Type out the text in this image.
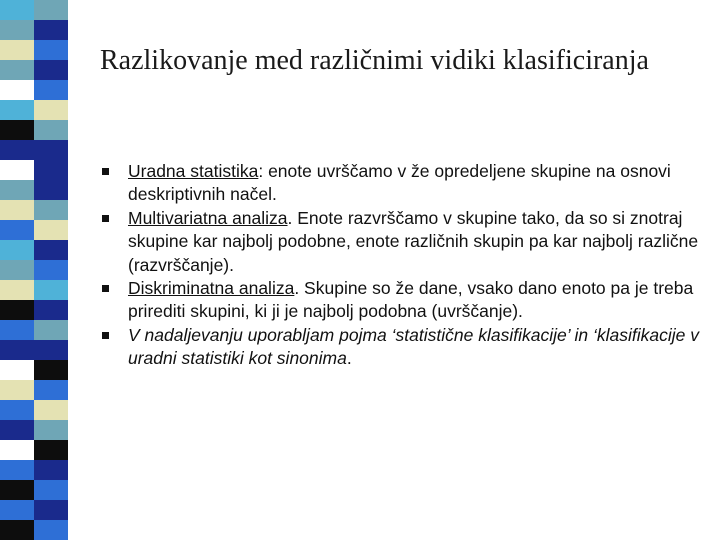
Razlikovanje med različnimi vidiki klasificiranja
Uradna statistika: enote uvrščamo v že opredeljene skupine na osnovi deskriptivnih načel.
Multivariatna analiza. Enote razvrščamo v skupine tako, da so si znotraj skupine kar najbolj podobne, enote različnih skupin pa kar najbolj različne (razvrščanje).
Diskriminatna analiza. Skupine so že dane, vsako dano enoto pa je treba prirediti skupini, ki ji je najbolj podobna (uvrščanje).
V nadaljevanju uporabljam pojma ‘statistične klasifikacije’ in ‘klasifikacije v uradni statistiki kot sinonima.
